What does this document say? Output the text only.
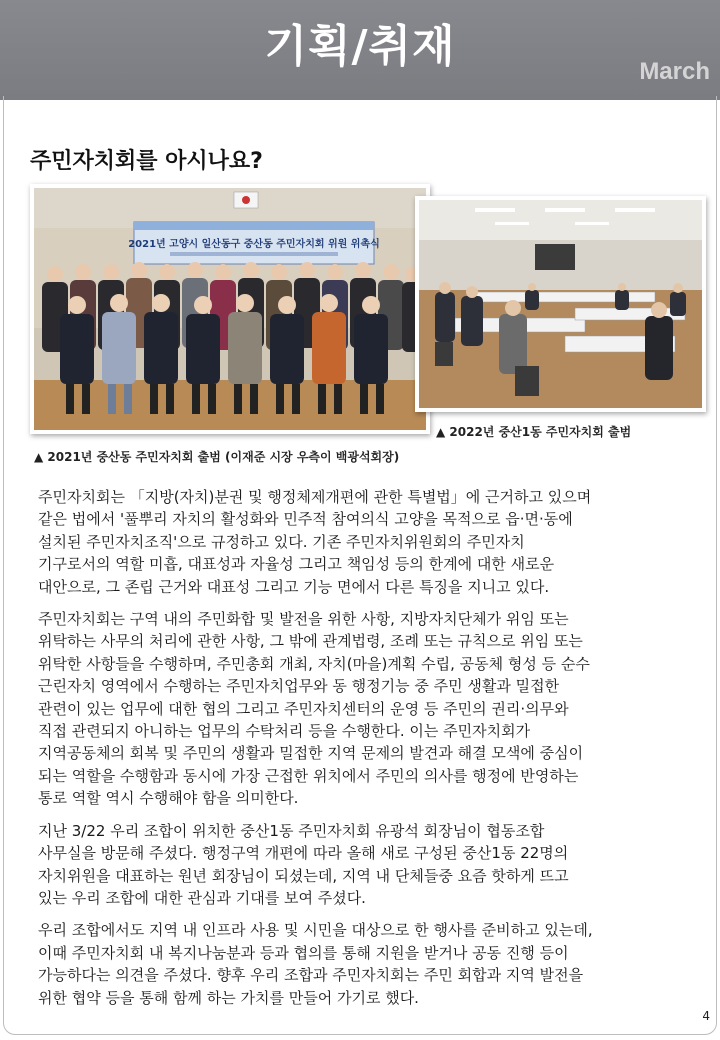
기획/취재	March
주민자치회를 아시나요?
2021년 고양시 일산동구 중산동 주민자치회 위원 위촉식
▲ 2021년 중산동 주민자치회 출범 (이재준 시장 우측이 백광석회장)
▲ 2022년 중산1동 주민자치회 출범

주민자치회는 「지방(자치)분권 및 행정체제개편에 관한 특별법」에 근거하고 있으며
같은 법에서 '풀뿌리 자치의 활성화와 민주적 참여의식 고양을 목적으로 읍·면·동에
설치된 주민자치조직'으로 규정하고 있다. 기존 주민자치위원회의 주민자치
기구로서의 역할 미흡, 대표성과 자율성 그리고 책임성 등의 한계에 대한 새로운
대안으로, 그 존립 근거와 대표성 그리고 기능 면에서 다른 특징을 지니고 있다.

주민자치회는 구역 내의 주민화합 및 발전을 위한 사항, 지방자치단체가 위임 또는
위탁하는 사무의 처리에 관한 사항, 그 밖에 관계법령, 조례 또는 규칙으로 위임 또는
위탁한 사항들을 수행하며, 주민총회 개최, 자치(마을)계획 수립, 공동체 형성 등 순수
근린자치 영역에서 수행하는 주민자치업무와 동 행정기능 중 주민 생활과 밀접한
관련이 있는 업무에 대한 협의 그리고 주민자치센터의 운영 등 주민의 권리·의무와
직접 관련되지 아니하는 업무의 수탁처리 등을 수행한다. 이는 주민자치회가
지역공동체의 회복 및 주민의 생활과 밀접한 지역 문제의 발견과 해결 모색에 중심이
되는 역할을 수행함과 동시에 가장 근접한 위치에서 주민의 의사를 행정에 반영하는
통로 역할 역시 수행해야 함을 의미한다.

지난 3/22 우리 조합이 위치한 중산1동 주민자치회 유광석 회장님이 협동조합
사무실을 방문해 주셨다. 행정구역 개편에 따라 올해 새로 구성된 중산1동 22명의
자치위원을 대표하는 원년 회장님이 되셨는데, 지역 내 단체들중 요즘 핫하게 뜨고
있는 우리 조합에 대한 관심과 기대를 보여 주셨다.

우리 조합에서도 지역 내 인프라 사용 및 시민을 대상으로 한 행사를 준비하고 있는데,
이때 주민자치회 내 복지나눔분과 등과 협의를 통해 지원을 받거나 공동 진행 등이
가능하다는 의견을 주셨다. 향후 우리 조합과 주민자치회는 주민 회합과 지역 발전을
위한 협약 등을 통해 함께 하는 가치를 만들어 가기로 했다.

4
